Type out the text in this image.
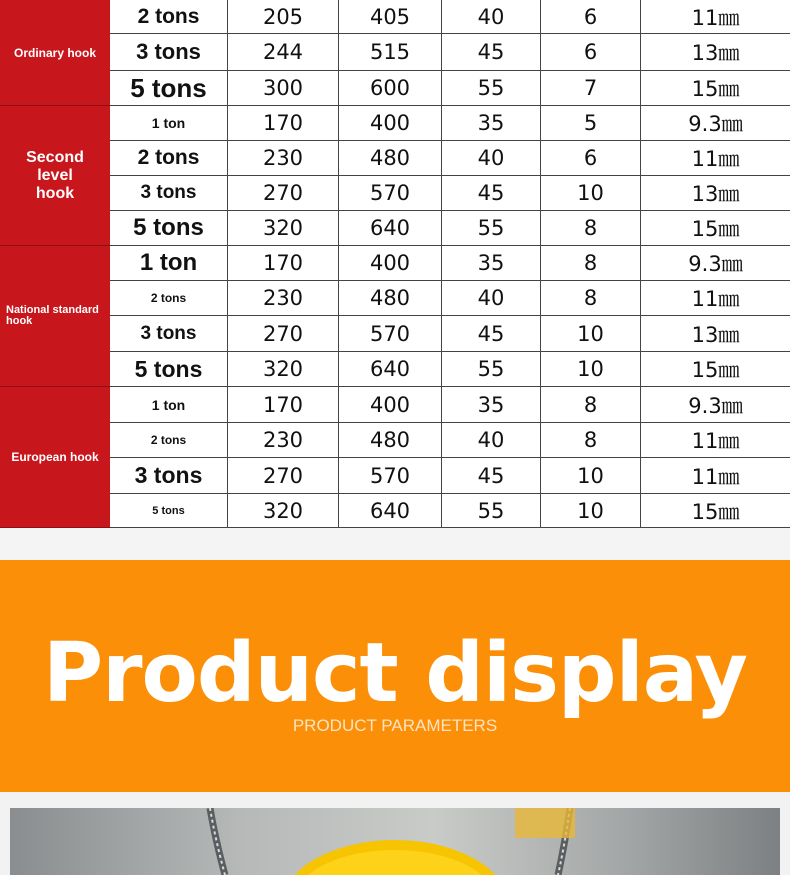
Ordinary hook
2 tons	205	405	40	6	11㎜
3 tons	244	515	45	6	13㎜
5 tons	300	600	55	7	15㎜
Second level hook
1 ton	170	400	35	5	9.3㎜
2 tons	230	480	40	6	11㎜
3 tons	270	570	45	10	13㎜
5 tons	320	640	55	8	15㎜
National standard hook
1 ton	170	400	35	8	9.3㎜
2 tons	230	480	40	8	11㎜
3 tons	270	570	45	10	13㎜
5 tons	320	640	55	10	15㎜
European hook
1 ton	170	400	35	8	9.3㎜
2 tons	230	480	40	8	11㎜
3 tons	270	570	45	10	11㎜
5 tons	320	640	55	10	15㎜
Product display
PRODUCT PARAMETERS
